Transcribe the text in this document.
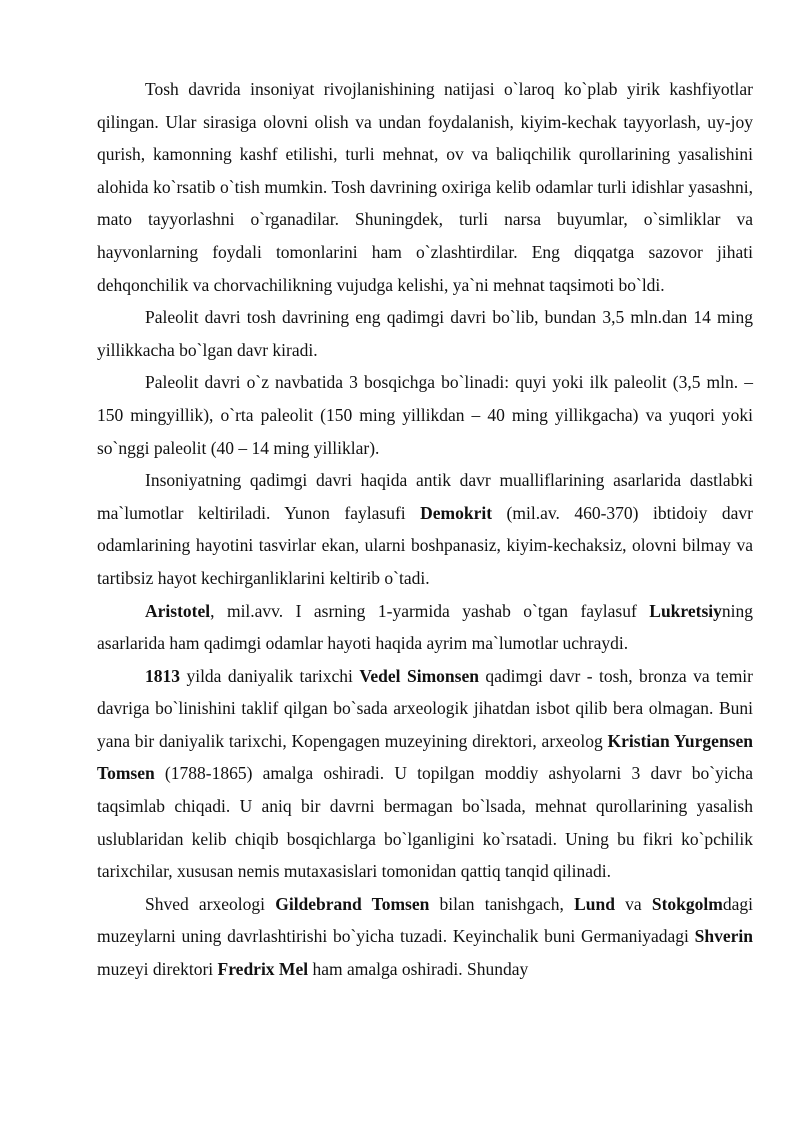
Tosh davrida insoniyat rivojlanishining natijasi o`laroq ko`plab yirik kashfiyotlar qilingan. Ular sirasiga olovni olish va undan foydalanish, kiyim-kechak tayyorlash, uy-joy qurish, kamonning kashf etilishi, turli mehnat, ov va baliqchilik qurollarining yasalishini alohida ko`rsatib o`tish mumkin. Tosh davrining oxiriga kelib odamlar turli idishlar yasashni, mato tayyorlashni o`rganadilar. Shuningdek, turli narsa buyumlar, o`simliklar va hayvonlarning foydali tomonlarini ham o`zlashtirdilar. Eng diqqatga sazovor jihati dehqonchilik va chorvachilikning vujudga kelishi, ya`ni mehnat taqsimoti bo`ldi.

Paleolit davri tosh davrining eng qadimgi davri bo`lib, bundan 3,5 mln.dan 14 ming yillikkacha bo`lgan davr kiradi.

Paleolit davri o`z navbatida 3 bosqichga bo`linadi: quyi yoki ilk paleolit (3,5 mln. – 150 mingyillik), o`rta paleolit (150 ming yillikdan – 40 ming yillikgacha) va yuqori yoki so`nggi paleolit (40 – 14 ming yilliklar).

Insoniyatning qadimgi davri haqida antik davr mualliflarining asarlarida dastlabki ma`lumotlar keltiriladi. Yunon faylasufi Demokrit (mil.av. 460-370) ibtidoiy davr odamlarining hayotini tasvirlar ekan, ularni boshpanasiz, kiyim-kechaksiz, olovni bilmay va tartibsiz hayot kechirganliklarini keltirib o`tadi.

Aristotel, mil.avv. I asrning 1-yarmida yashab o`tgan faylasuf Lukretsiyning asarlarida ham qadimgi odamlar hayoti haqida ayrim ma`lumotlar uchraydi.

1813 yilda daniyalik tarixchi Vedel Simonsen qadimgi davr - tosh, bronza va temir davriga bo`linishini taklif qilgan bo`sada arxeologik jihatdan isbot qilib bera olmagan. Buni yana bir daniyalik tarixchi, Kopengagen muzeyining direktori, arxeolog Kristian Yurgensen Tomsen (1788-1865) amalga oshiradi. U topilgan moddiy ashyolarni 3 davr bo`yicha taqsimlab chiqadi. U aniq bir davrni bermagan bo`lsada, mehnat qurollarining yasalish uslublaridan kelib chiqib bosqichlarga bo`lganligini ko`rsatadi. Uning bu fikri ko`pchilik tarixchilar, xususan nemis mutaxasislari tomonidan qattiq tanqid qilinadi.

Shved arxeologi Gildebrand Tomsen bilan tanishgach, Lund va Stokgolmdagi muzeylarni uning davrlashtirishi bo`yicha tuzadi. Keyinchalik buni Germaniyadagi Shverin muzeyi direktori Fredrix Mel ham amalga oshiradi. Shunday
